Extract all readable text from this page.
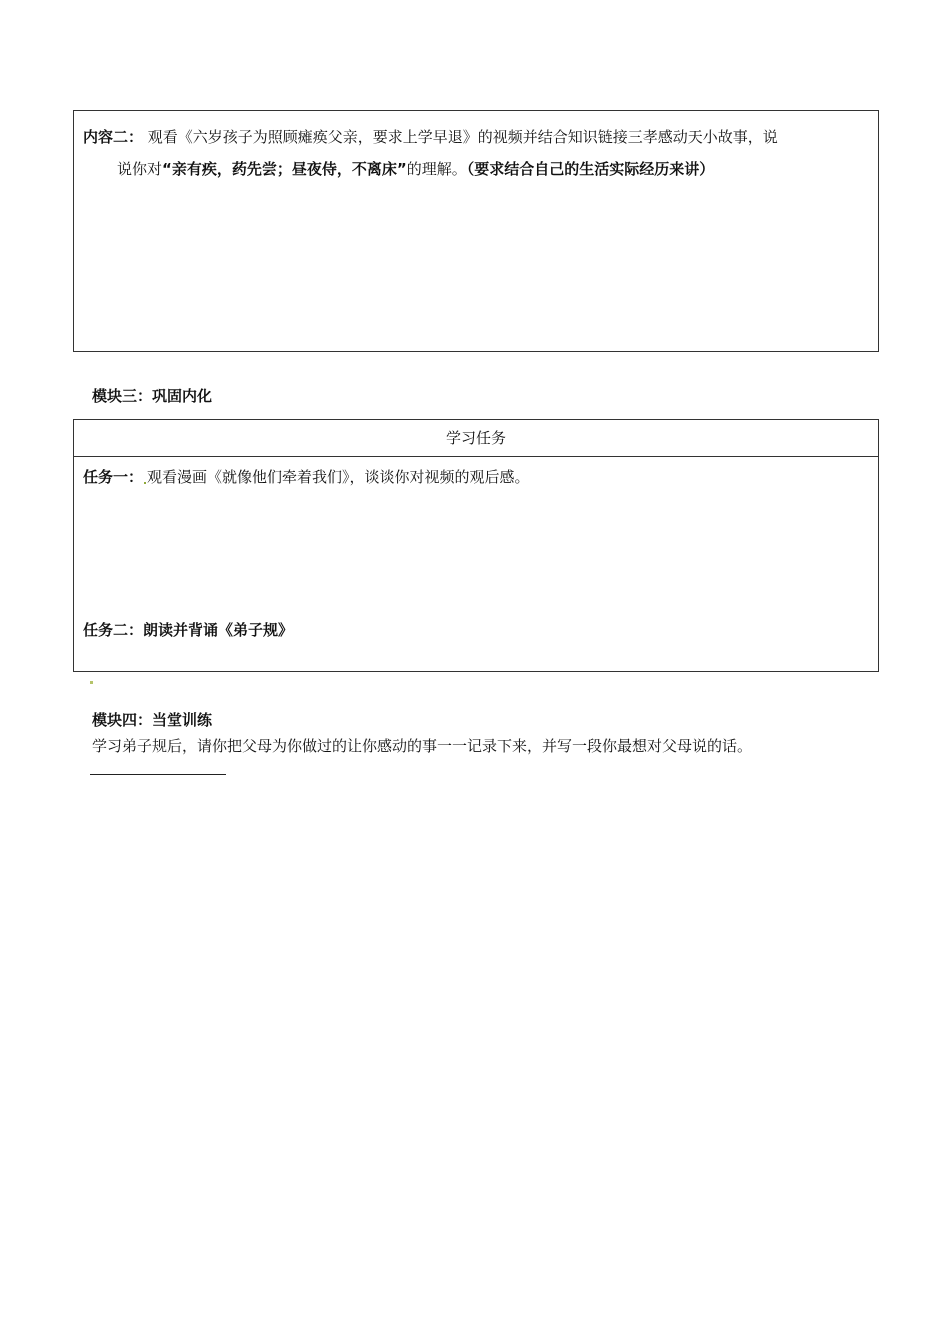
内容二： 观看《六岁孩子为照顾瘫痪父亲，要求上学早退》的视频并结合知识链接三孝感动天小故事，说
说你对“亲有疾，药先尝；昼夜侍，不离床”的理解。（要求结合自己的生活实际经历来讲）
模块三：巩固内化
学习任务
任务一： 观看漫画《就像他们牵着我们》，谈谈你对视频的观后感。
任务二：朗读并背诵《弟子规》
模块四：当堂训练
学习弟子规后，请你把父母为你做过的让你感动的事一一记录下来，并写一段你最想对父母说的话。
